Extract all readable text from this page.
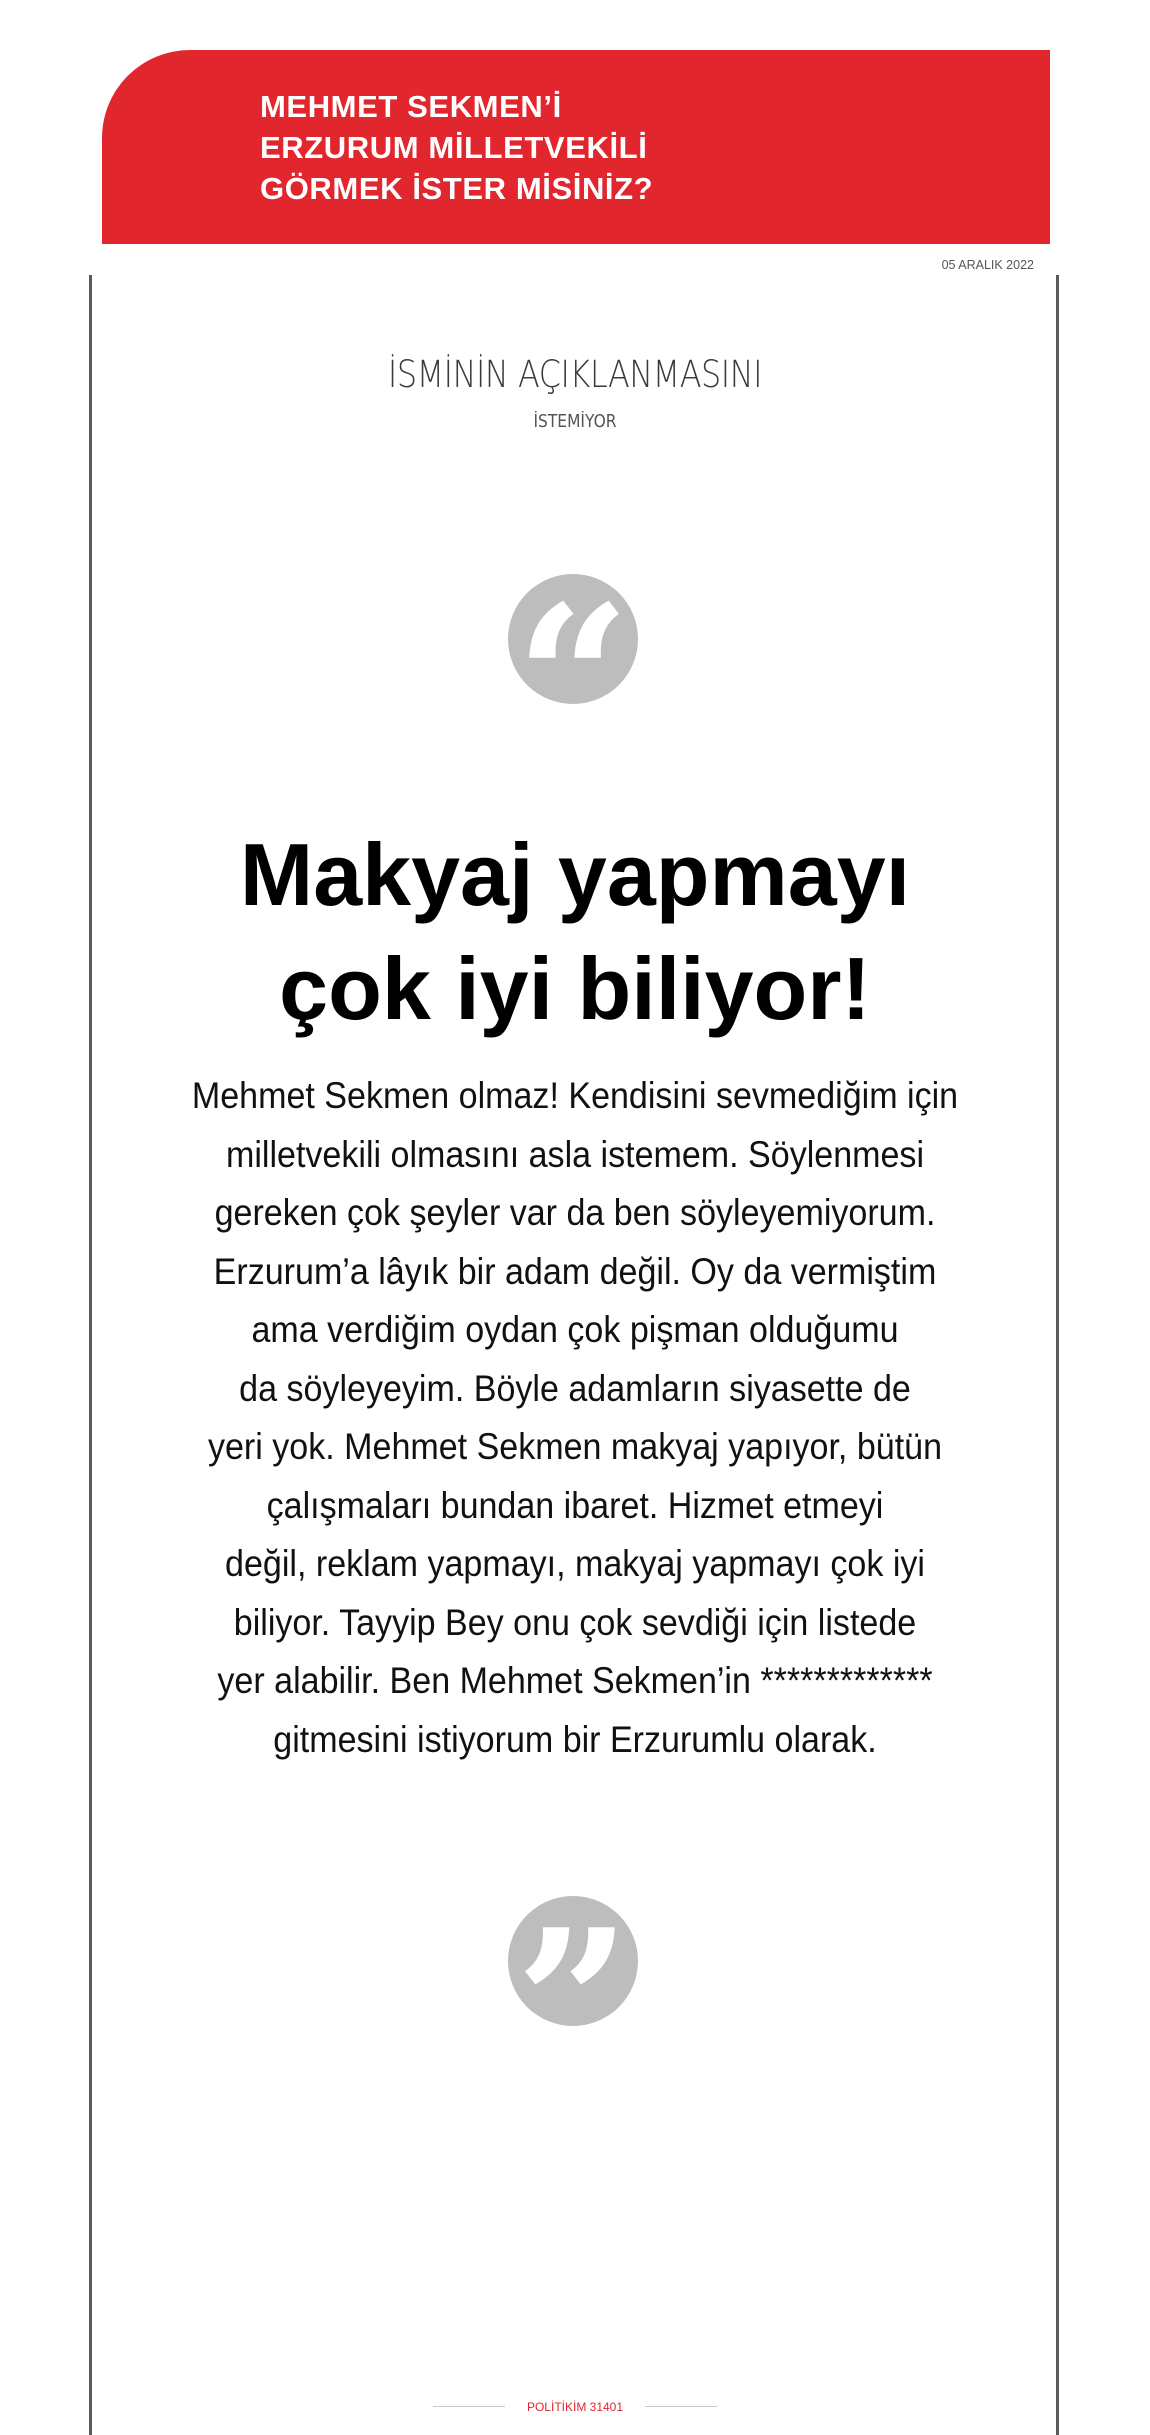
MEHMET SEKMEN’İ
ERZURUM MİLLETVEKİLİ
GÖRMEK İSTER MİSİNİZ?
05 ARALIK 2022
İSMİNİN AÇIKLANMASINI
İSTEMİYOR
“
Makyaj yapmayı
çok iyi biliyor!
Mehmet Sekmen olmaz! Kendisini sevmediğim için
milletvekili olmasını asla istemem. Söylenmesi
gereken çok şeyler var da ben söyleyemiyorum.
Erzurum’a lâyık bir adam değil. Oy da vermiştim
ama verdiğim oydan çok pişman olduğumu
da söyleyeyim. Böyle adamların siyasette de
yeri yok. Mehmet Sekmen makyaj yapıyor, bütün
çalışmaları bundan ibaret. Hizmet etmeyi
değil, reklam yapmayı, makyaj yapmayı çok iyi
biliyor. Tayyip Bey onu çok sevdiği için listede
yer alabilir. Ben Mehmet Sekmen’in *************
gitmesini istiyorum bir Erzurumlu olarak.
”
POLİTİKİM 31401
